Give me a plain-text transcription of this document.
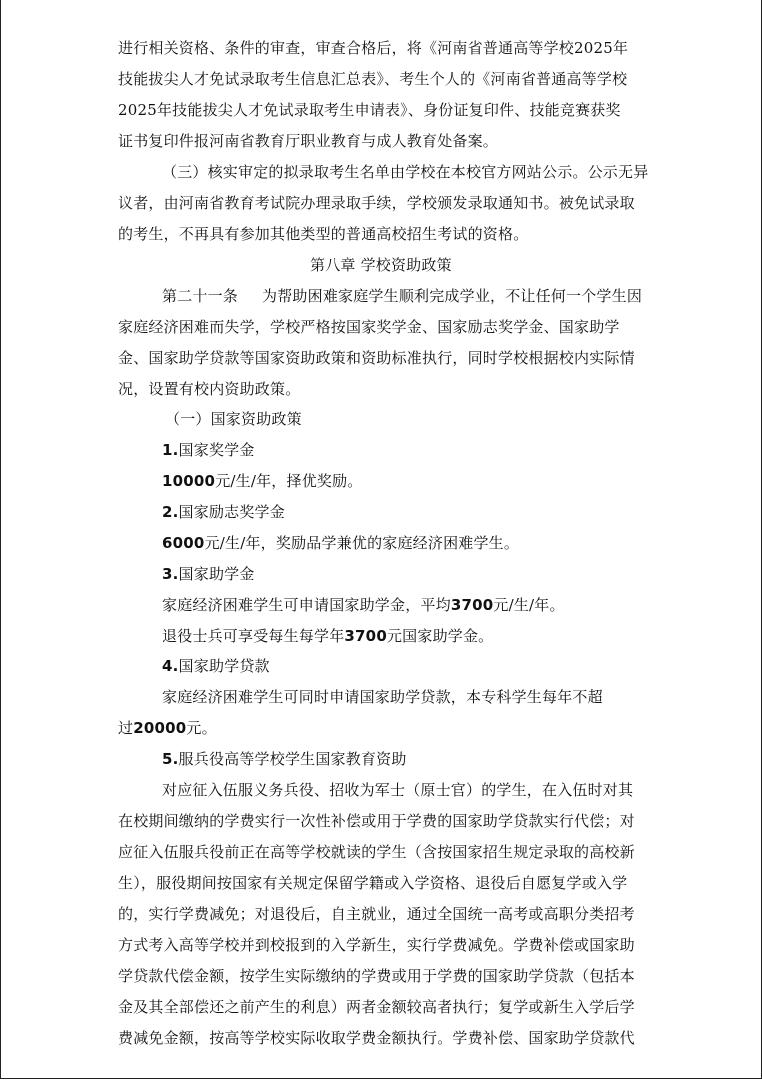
进行相关资格、条件的审查，审查合格后，将《河南省普通高等学校2025年
技能拔尖人才免试录取考生信息汇总表》、考生个人的《河南省普通高等学校
2025年技能拔尖人才免试录取考生申请表》、身份证复印件、技能竞赛获奖
证书复印件报河南省教育厅职业教育与成人教育处备案。
（三）核实审定的拟录取考生名单由学校在本校官方网站公示。公示无异
议者，由河南省教育考试院办理录取手续，学校颁发录取通知书。被免试录取
的考生，不再具有参加其他类型的普通高校招生考试的资格。
第八章 学校资助政策
第二十一条 为帮助困难家庭学生顺利完成学业，不让任何一个学生因
家庭经济困难而失学，学校严格按国家奖学金、国家励志奖学金、国家助学
金、国家助学贷款等国家资助政策和资助标准执行，同时学校根据校内实际情
况，设置有校内资助政策。
（一）国家资助政策
1.国家奖学金
10000元/生/年，择优奖励。
2.国家励志奖学金
6000元/生/年，奖励品学兼优的家庭经济困难学生。
3.国家助学金
家庭经济困难学生可申请国家助学金，平均3700元/生/年。
退役士兵可享受每生每学年3700元国家助学金。
4.国家助学贷款
家庭经济困难学生可同时申请国家助学贷款，本专科学生每年不超
过20000元。
5.服兵役高等学校学生国家教育资助
对应征入伍服义务兵役、招收为军士（原士官）的学生，在入伍时对其
在校期间缴纳的学费实行一次性补偿或用于学费的国家助学贷款实行代偿；对
应征入伍服兵役前正在高等学校就读的学生（含按国家招生规定录取的高校新
生），服役期间按国家有关规定保留学籍或入学资格、退役后自愿复学或入学
的，实行学费减免；对退役后，自主就业，通过全国统一高考或高职分类招考
方式考入高等学校并到校报到的入学新生，实行学费减免。学费补偿或国家助
学贷款代偿金额，按学生实际缴纳的学费或用于学费的国家助学贷款（包括本
金及其全部偿还之前产生的利息）两者金额较高者执行；复学或新生入学后学
费减免金额，按高等学校实际收取学费金额执行。学费补偿、国家助学贷款代
